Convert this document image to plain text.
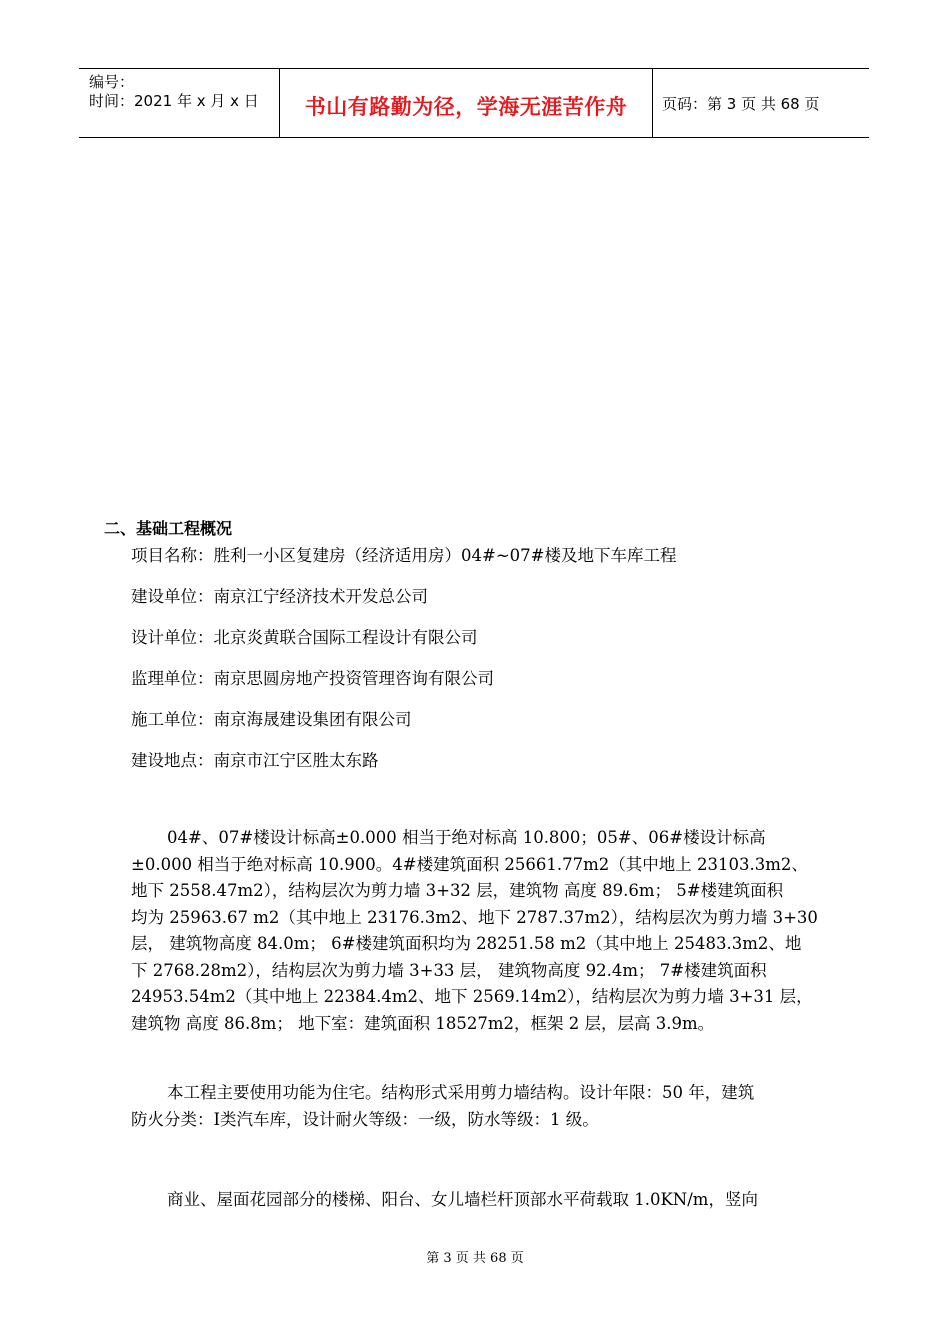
编号：
时间：2021 年 x 月 x 日	书山有路勤为径，学海无涯苦作舟	页码：第 3 页 共 68 页
二、基础工程概况
项目名称：胜利一小区复建房（经济适用房）04#~07#楼及地下车库工程
建设单位：南京江宁经济技术开发总公司
设计单位：北京炎黄联合国际工程设计有限公司
监理单位：南京思圆房地产投资管理咨询有限公司
施工单位：南京海晟建设集团有限公司
建设地点：南京市江宁区胜太东路
04#、07#楼设计标高±0.000 相当于绝对标高 10.800；05#、06#楼设计标高
±0.000 相当于绝对标高 10.900。4#楼建筑面积 25661.77m2（其中地上 23103.3m2、
地下 2558.47m2），结构层次为剪力墙 3+32 层，建筑物 高度 89.6m； 5#楼建筑面积
均为 25963.67 m2（其中地上 23176.3m2、地下 2787.37m2），结构层次为剪力墙 3+30
层， 建筑物高度 84.0m； 6#楼建筑面积均为 28251.58 m2（其中地上 25483.3m2、地
下 2768.28m2），结构层次为剪力墙 3+33 层， 建筑物高度 92.4m； 7#楼建筑面积
24953.54m2（其中地上 22384.4m2、地下 2569.14m2），结构层次为剪力墙 3+31 层，
建筑物 高度 86.8m； 地下室：建筑面积 18527m2，框架 2 层，层高 3.9m。
本工程主要使用功能为住宅。结构形式采用剪力墙结构。设计年限：50 年，建筑
防火分类：Ⅰ类汽车库，设计耐火等级：一级，防水等级：1 级。
商业、屋面花园部分的楼梯、阳台、女儿墙栏杆顶部水平荷载取 1.0KN/m，竖向
第 3 页 共 68 页
